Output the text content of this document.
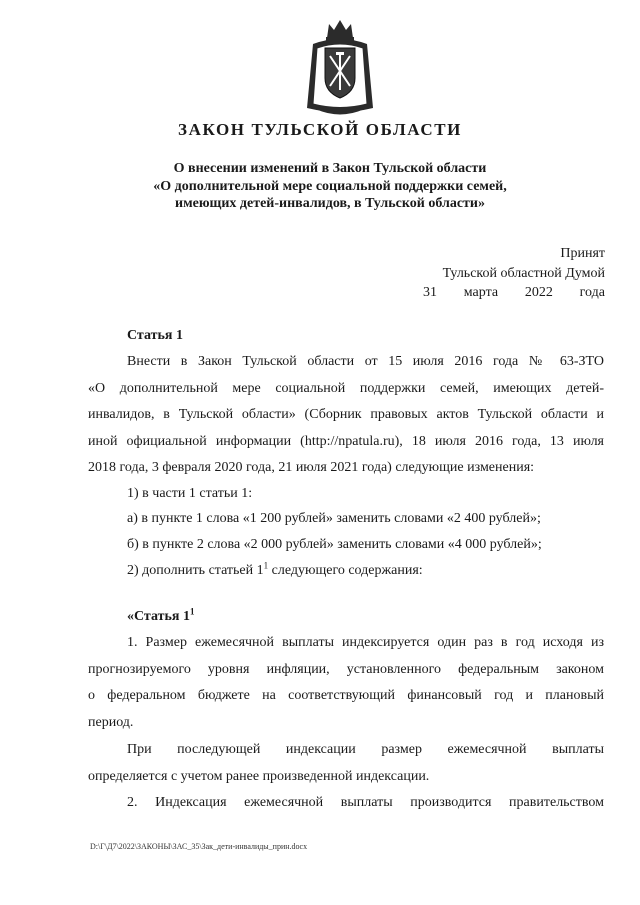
ЗАКОН ТУЛЬСКОЙ ОБЛАСТИ
О внесении изменений в Закон Тульской области
«О дополнительной мере социальной поддержки семей,
имеющих детей-инвалидов, в Тульской области»
Принят
Тульской областной Думой
31 марта 2022 года
Статья 1
Внести в Закон Тульской области от 15 июля 2016 года № 63-ЗТО
«О дополнительной мере социальной поддержки семей, имеющих детей-
инвалидов, в Тульской области» (Сборник правовых актов Тульской области и
иной официальной информации (http://npatula.ru), 18 июля 2016 года, 13 июля
2018 года, 3 февраля 2020 года, 21 июля 2021 года) следующие изменения:
1) в части 1 статьи 1:
а) в пункте 1 слова «1 200 рублей» заменить словами «2 400 рублей»;
б) в пункте 2 слова «2 000 рублей» заменить словами «4 000 рублей»;
2) дополнить статьей $1^1$ следующего содержания:
«Статья $1^1$
1. Размер ежемесячной выплаты индексируется один раз в год исходя из
прогнозируемого уровня инфляции, установленного федеральным законом
о федеральном бюджете на соответствующий финансовый год и плановый
период.
При последующей индексации размер ежемесячной выплаты
определяется с учетом ранее произведенной индексации.
2. Индексация ежемесячной выплаты производится правительством
D:\Г\Д7\2022\ЗАКОНЫ\ЗАС_35\Зак_дети-инвалиды_прин.docx
